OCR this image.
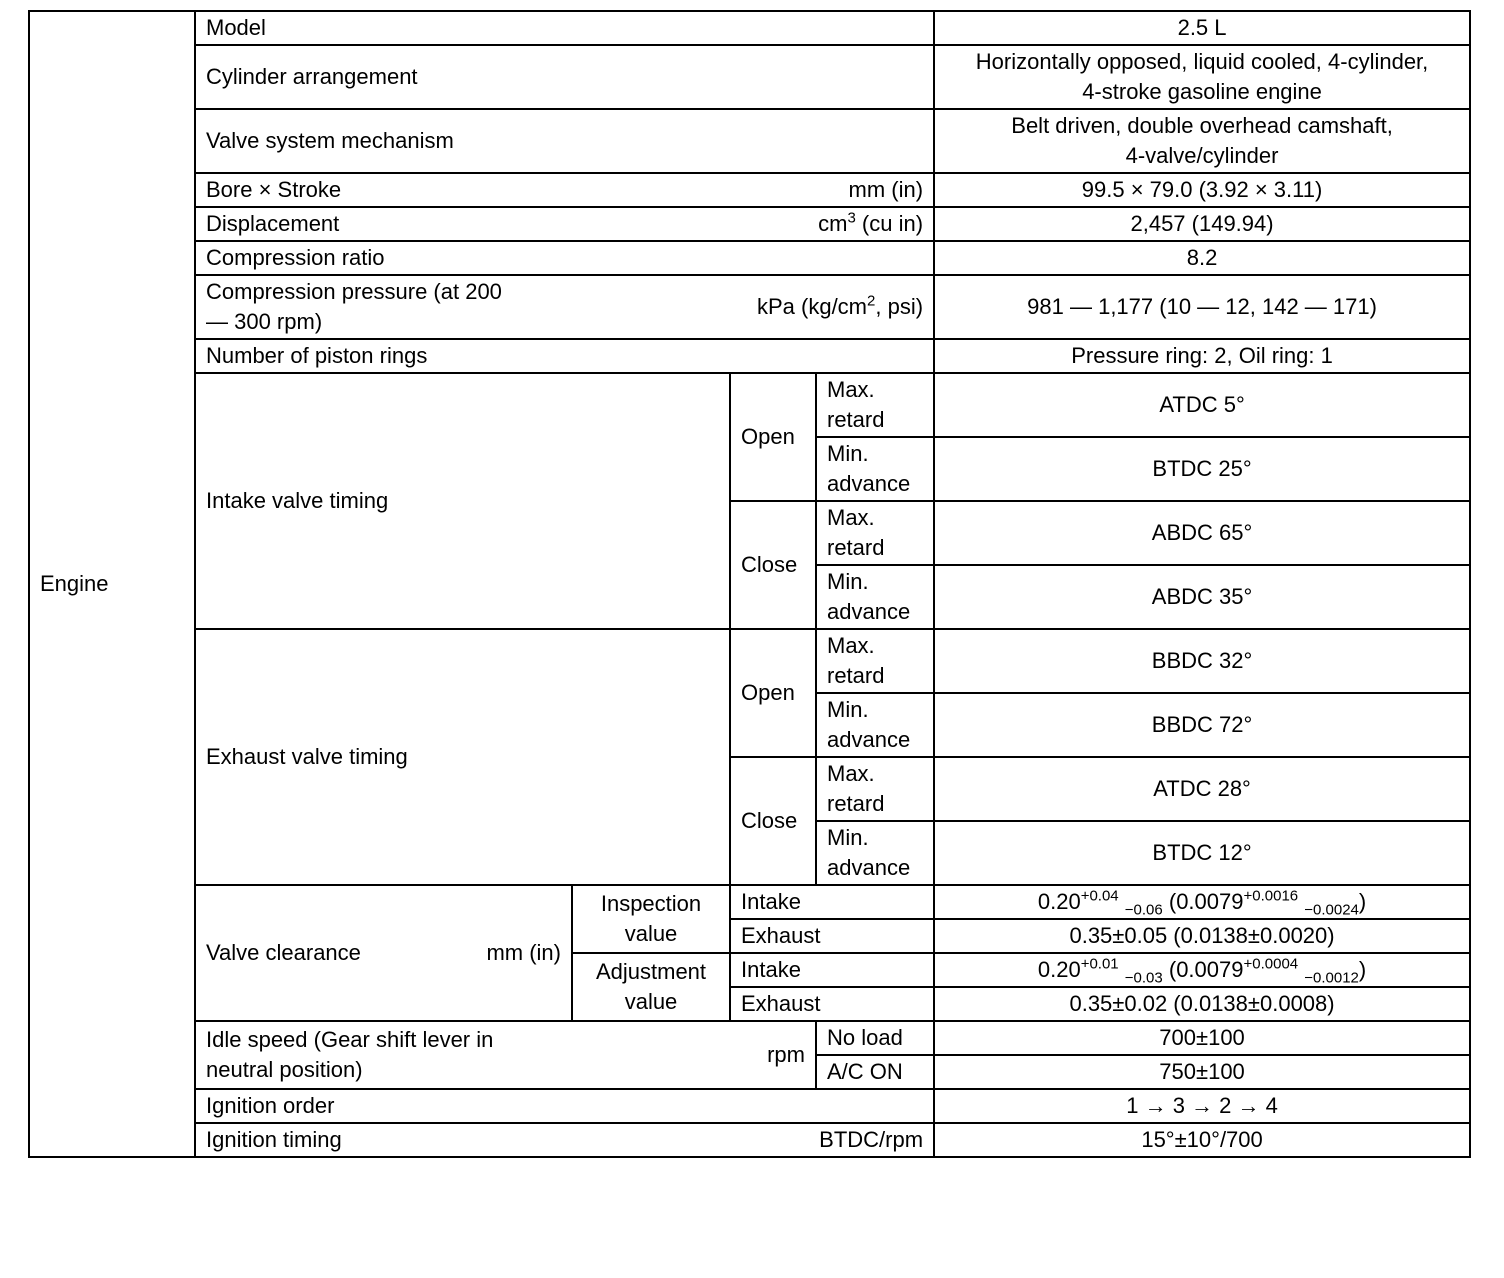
Engine	Model				2.5 L
	Cylinder arrangement				Horizontally opposed, liquid cooled, 4-cylinder,
4-stroke gasoline engine
	Valve system mechanism				Belt driven, double overhead camshaft,
4-valve/cylinder

	Bore × Stroke mm (in)				99.5 × 79.0 (3.92 × 3.11)

	Displacement $cm^3$ (cu in)				2,457 (149.94)
	Compression ratio				8.2

	Compression pressure (at 200
— 300 rpm)
kPa ($kg/cm^2$, psi)				981 — 1,177 (10 — 12, 142 — 171)
	Number of piston rings				Pressure ring: 2, Oil ring: 1
	Intake valve timing		Open	Max.
retard	ATDC 5°
				Min.
advance	BTDC 25°
			Close	Max.
retard	ABDC 65°
				Min.
advance	ABDC 35°
	Exhaust valve timing		Open	Max.
retard	BBDC 32°
				Min.
advance	BBDC 72°
			Close	Max.
retard	ATDC 28°
				Min.
advance	BTDC 12°

	Valve clearance mm (in)	Inspection
value	Intake		$0.20^{+0.04}$ $_{-0.06}$ ($0.0079^{+0.0016}$ $_{-0.0024}$)
			Exhaust		0.35±0.05 (0.0138±0.0020)
		Adjustment
value	Intake		$0.20^{+0.01}$ $_{-0.03}$ ($0.0079^{+0.0004}$ $_{-0.0012}$)
			Exhaust		0.35±0.02 (0.0138±0.0008)

	Idle speed (Gear shift lever in
neutral position)
rpm			No load	700±100
				A/C ON	750±100
	Ignition order				1 → 3 → 2 → 4

	Ignition timing BTDC/rpm				15°±10°/700
